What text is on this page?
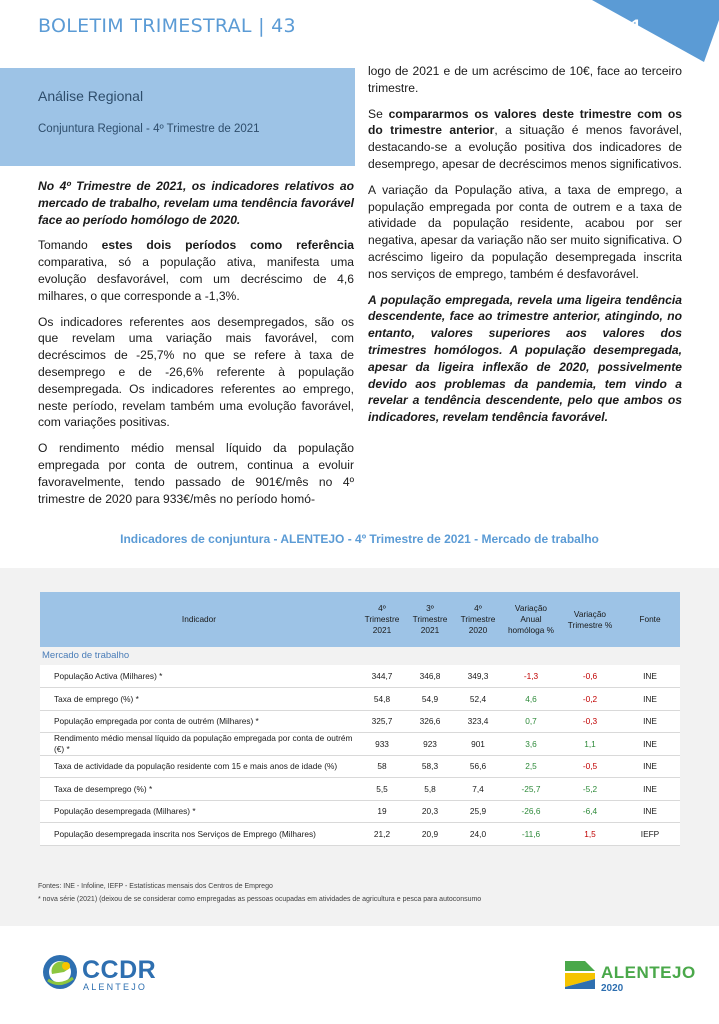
BOLETIM TRIMESTRAL | 43	1
Análise Regional
Conjuntura Regional - 4º Trimestre de 2021

No 4º Trimestre de 2021, os indicadores relativos ao mercado de trabalho, revelam uma tendência favorável face ao período homólogo de 2020.

Tomando estes dois períodos como referência comparativa, só a população ativa, manifesta uma evolução desfavorável, com um decréscimo de 4,6 milhares, o que corresponde a -1,3%.

Os indicadores referentes aos desempregados, são os que revelam uma variação mais favorável, com decréscimos de -25,7% no que se refere à taxa de desemprego e de -26,6% referente à população desempregada. Os indicadores referentes ao emprego, neste período, revelam também uma evolução favorável, com variações positivas.

O rendimento médio mensal líquido da população empregada por conta de outrem, continua a evoluir favoravelmente, tendo passado de 901€/mês no 4º trimestre de 2020 para 933€/mês no período homó-

logo de 2021 e de um acréscimo de 10€, face ao terceiro trimestre.

Se compararmos os valores deste trimestre com os do trimestre anterior, a situação é menos favorável, destacando-se a evolução positiva dos indicadores de desemprego, apesar de decréscimos menos significativos.

A variação da População ativa, a taxa de emprego, a população empregada por conta de outrem e a taxa de atividade da população residente, acabou por ser negativa, apesar da variação não ser muito significativa. O acréscimo ligeiro da população desempregada inscrita nos serviços de emprego, também é desfavorável.

A população empregada, revela uma ligeira tendência descendente, face ao trimestre anterior, atingindo, no entanto, valores superiores aos valores dos trimestres homólogos. A população desempregada, apesar da ligeira inflexão de 2020, possivelmente devido aos problemas da pandemia, tem vindo a revelar a tendência descendente, pelo que ambos os indicadores, revelam tendência favorável.

Indicadores de conjuntura - ALENTEJO - 4º Trimestre de 2021 - Mercado de trabalho
Indicador	4º Trimestre 2021	3º Trimestre 2021	4º Trimestre 2020	Variação Anual homóloga %	Variação Trimestre %	Fonte
Mercado de trabalho						
População Activa (Milhares) *	344,7	346,8	349,3	-1,3	-0,6	INE
Taxa de emprego (%) *	54,8	54,9	52,4	4,6	-0,2	INE
População empregada por conta de outrém (Milhares) *	325,7	326,6	323,4	0,7	-0,3	INE
Rendimento médio mensal líquido da população empregada por conta de outrém (€) *	933	923	901	3,6	1,1	INE
Taxa de actividade da população residente com 15 e mais anos de idade (%)	58	58,3	56,6	2,5	-0,5	INE
Taxa de desemprego (%) *	5,5	5,8	7,4	-25,7	-5,2	INE
População desempregada (Milhares) *	19	20,3	25,9	-26,6	-6,4	INE
População desempregada inscrita nos Serviços de Emprego (Milhares)	21,2	20,9	24,0	-11,6	1,5	IEFP
Fontes: INE - Infoline, IEFP - Estatísticas mensais dos Centros de Emprego
* nova série (2021) (deixou de se considerar como empregadas as pessoas ocupadas em atividades de agricultura e pesca para autoconsumo
CCDR
ALENTEJO
ALENTEJO
2020
